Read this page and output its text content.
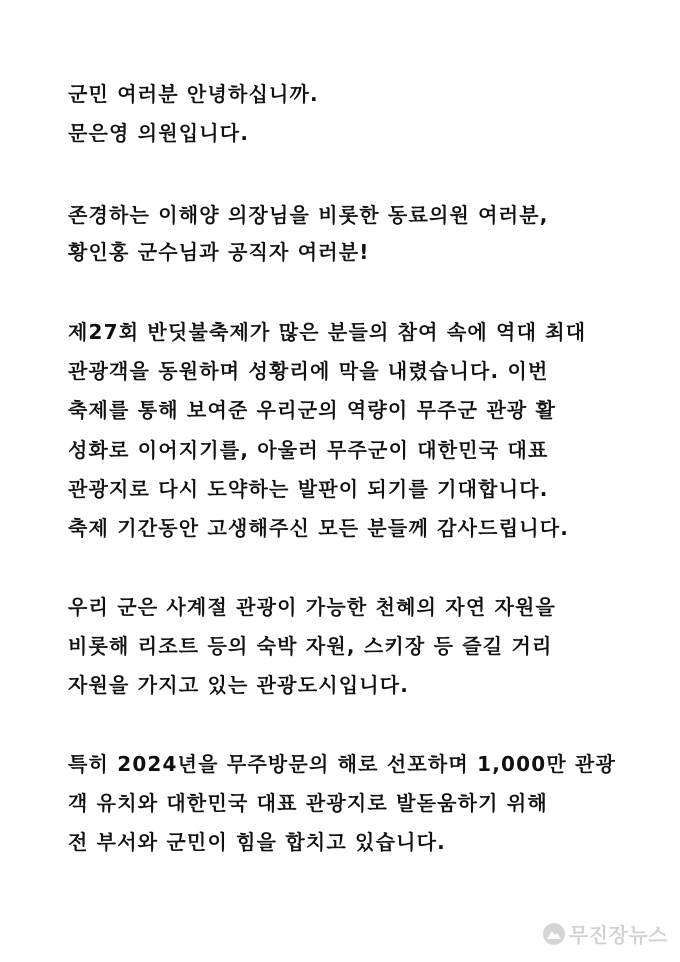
군민 여러분 안녕하십니까.
문은영 의원입니다.
존경하는 이해양 의장님을 비롯한 동료의원 여러분,
황인홍 군수님과 공직자 여러분!
제27회 반딧불축제가 많은 분들의 참여 속에 역대 최대
관광객을 동원하며 성황리에 막을 내렸습니다. 이번
축제를 통해 보여준 우리군의 역량이 무주군 관광 활
성화로 이어지기를, 아울러 무주군이 대한민국 대표
관광지로 다시 도약하는 발판이 되기를 기대합니다.
축제 기간동안 고생해주신 모든 분들께 감사드립니다.
우리 군은 사계절 관광이 가능한 천혜의 자연 자원을
비롯해 리조트 등의 숙박 자원, 스키장 등 즐길 거리
자원을 가지고 있는 관광도시입니다.
특히 2024년을 무주방문의 해로 선포하며 1,000만 관광
객 유치와 대한민국 대표 관광지로 발돋움하기 위해
전 부서와 군민이 힘을 합치고 있습니다.
무진장뉴스
